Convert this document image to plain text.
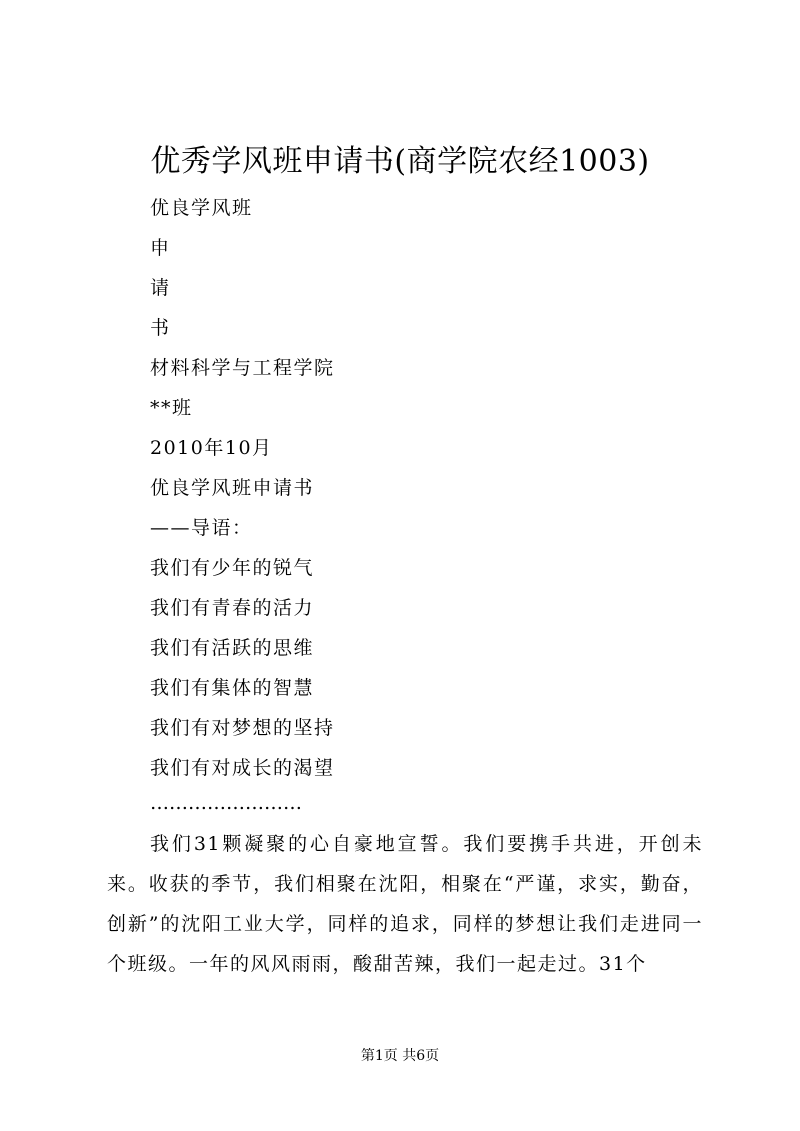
优秀学风班申请书(商学院农经1003)
优良学风班
申
请
书
材料科学与工程学院
**班
2010年10月
优良学风班申请书
——导语：
我们有少年的锐气
我们有青春的活力
我们有活跃的思维
我们有集体的智慧
我们有对梦想的坚持
我们有对成长的渴望
……………………
我们31颗凝聚的心自豪地宣誓。我们要携手共进，开创未来。收获的季节，我们相聚在沈阳，相聚在“严谨，求实，勤奋，创新”的沈阳工业大学，同样的追求，同样的梦想让我们走进同一个班级。一年的风风雨雨，酸甜苦辣，我们一起走过。31个
第1页 共6页
